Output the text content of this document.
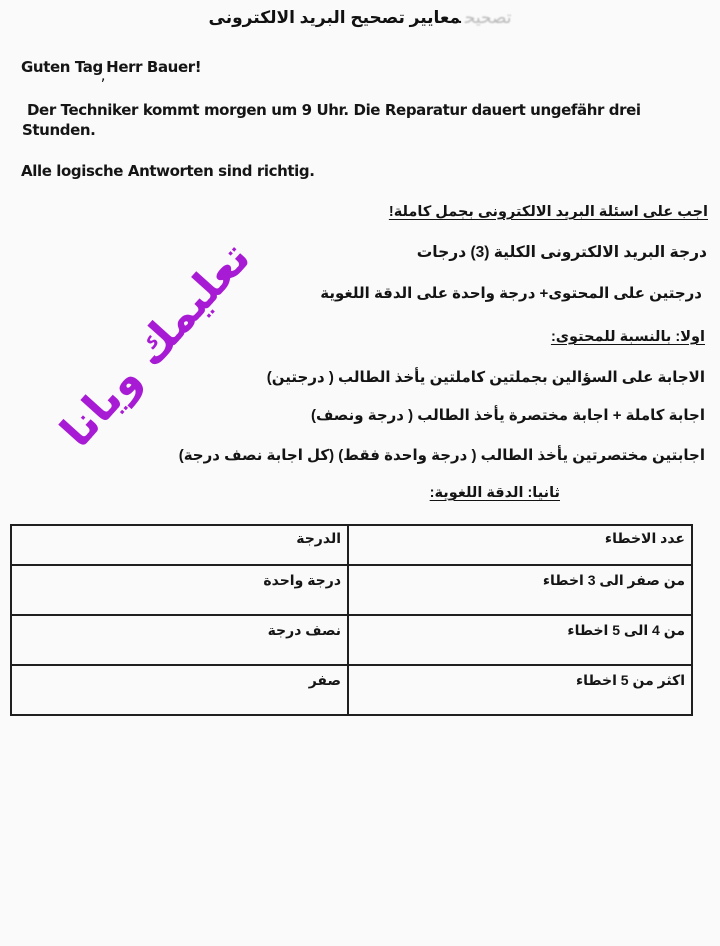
تصحيحمعايير تصحيح البريد الالكترونى
Guten Tag,Herr Bauer!
Der Techniker kommt morgen um 9 Uhr. Die Reparatur dauert ungefähr drei
Stunden.
Alle logische Antworten sind richtig.
اجب على اسئلة البريد الالكترونى بجمل كاملة!
درجة البريد الالكترونى الكلية (3) درجات
درجتين على المحتوى+ درجة واحدة على الدقة اللغوية
اولا: بالنسبة للمحتوى:
الاجابة على السؤالين بجملتين كاملتين يأخذ الطالب ( درجتين)
اجابة كاملة + اجابة مختصرة يأخذ الطالب ( درجة ونصف)
اجابتين مختصرتين يأخذ الطالب ( درجة واحدة فقط) (كل اجابة نصف درجة)
ثانيا: الدقة اللغوية:
تعليمك ويانا
عدد الاخطاء	الدرجة
من صفر الى 3 اخطاء	درجة واحدة
من 4 الى 5 اخطاء	نصف درجة
اكثر من 5 اخطاء	صفر
